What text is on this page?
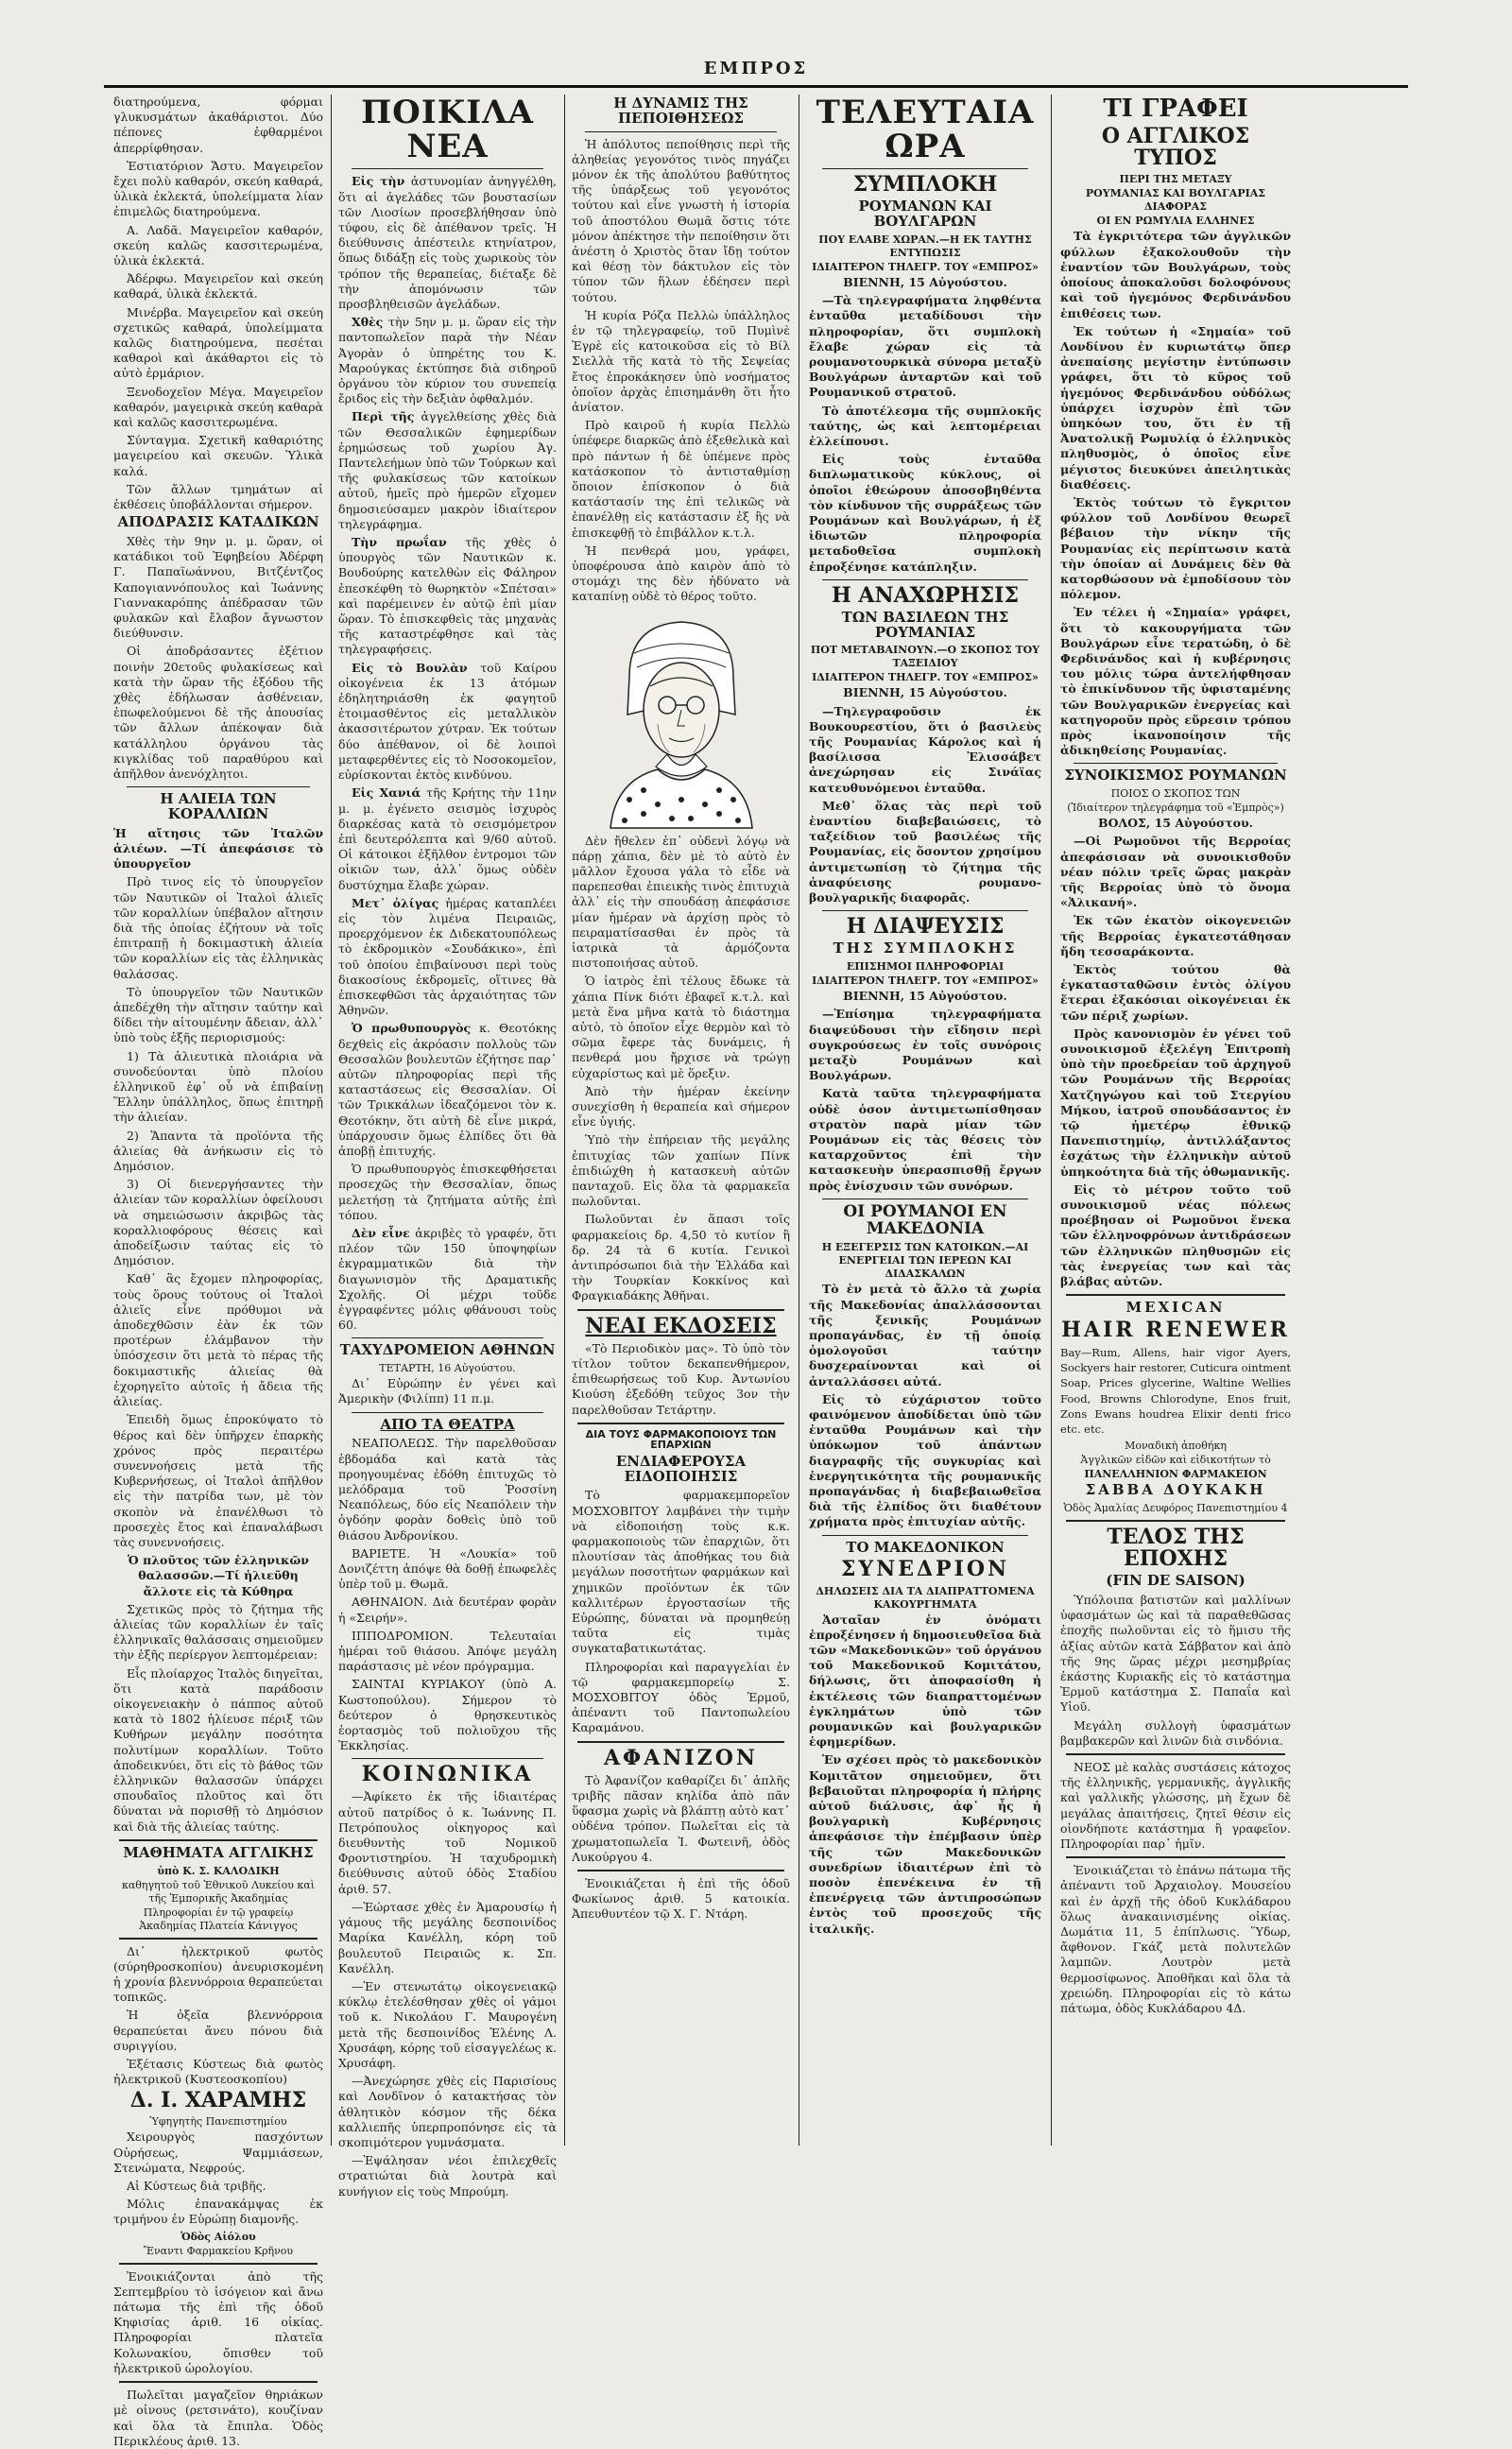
ΕΜΠΡΟΣ

διατηρούμενα, φόρμαι γλυκυσμάτων ἀκαθάριστοι. Δύο πέπονες ἐφθαρμένοι ἀπερρίφθησαν.

Ἑστιατόριον Ἄστυ. Μαγειρεῖον ἔχει πολὺ καθαρόν, σκεύη καθαρά, ὑλικὰ ἐκλεκτά, ὑπολείμματα λίαν ἐπιμελῶς διατηρούμενα.

Α. Λαδᾶ. Μαγειρεῖον καθαρόν, σκεύη καλῶς κασσιτερωμένα, ὑλικὰ ἐκλεκτά.

Ἀδέρφω. Μαγειρεῖον καὶ σκεύη καθαρά, ὑλικὰ ἐκλεκτά.

Μινέρβα. Μαγειρεῖον καὶ σκεύη σχετικῶς καθαρά, ὑπολείμματα καλῶς διατηρούμενα, πεσέται καθαροὶ καὶ ἀκάθαρτοι εἰς τὸ αὐτὸ ἐρμάριον.

Ξενοδοχεῖον Μέγα. Μαγειρεῖον καθαρόν, μαγειρικὰ σκεύη καθαρὰ καὶ καλῶς κασσιτερωμένα.

Σύνταγμα. Σχετικῆ καθαριότης μαγειρείου καὶ σκευῶν. Ὑλικὰ καλά.

Τῶν ἄλλων τμημάτων αἱ ἐκθέσεις ὑποβάλλονται σήμερον.

ΑΠΟΔΡΑΣΙΣ ΚΑΤΑΔΙΚΩΝ

Χθὲς τὴν 9ην μ. μ. ὥραν, οἱ κατάδικοι τοῦ Ἐφηβείου Ἀδέρφη Γ. Παπαϊωάννου, Βιτζέντζος Καπογιαννόπουλος καὶ Ἰωάννης Γιαννακαρόπης ἀπέδρασαν τῶν φυλακῶν καὶ ἔλαβον ἄγνωστον διεύθυνσιν.

Οἱ ἀποδράσαντες ἐξέτιον ποινὴν 20ετοῦς φυλακίσεως καὶ κατὰ τὴν ὥραν τῆς ἐξόδου τῆς χθὲς ἐδήλωσαν ἀσθένειαν, ἐπωφελούμενοι δὲ τῆς ἀπουσίας τῶν ἄλλων ἀπέκοψαν διὰ κατάλληλου ὀργάνου τὰς κιγκλίδας τοῦ παραθύρου καὶ ἀπῆλθον ἀνενόχλητοι.

Η ΑΛΙΕΙΑ ΤΩΝ ΚΟΡΑΛΛΙΩΝ

Ἡ αἴτησις τῶν Ἰταλῶν ἁλιέων. —Τί ἀπεφάσισε τὸ ὑπουργεῖον

Πρὸ τινος εἰς τὸ ὑπουργεῖον τῶν Ναυτικῶν οἱ Ἰταλοὶ ἁλιεῖς τῶν κοραλλίων ὑπέβαλον αἴτησιν διὰ τῆς ὁποίας ἐζήτουν νὰ τοῖς ἐπιτραπῇ ἡ δοκιμαστικὴ ἁλιεία τῶν κοραλλίων εἰς τὰς ἑλληνικὰς θαλάσσας.

Τὸ ὑπουργεῖον τῶν Ναυτικῶν ἀπεδέχθη τὴν αἴτησιν ταύτην καὶ δίδει τὴν αἰτουμένην ἄδειαν, ἀλλ᾽ ὑπὸ τοὺς ἑξῆς περιορισμούς:

1) Τὰ ἁλιευτικὰ πλοιάρια νὰ συνοδεύονται ὑπὸ πλοίου ἑλληνικοῦ ἐφ᾽ οὗ νὰ ἐπιβαίνῃ Ἕλλην ὑπάλληλος, ὅπως ἐπιτηρῇ τὴν ἁλιείαν.

2) Ἅπαντα τὰ προϊόντα τῆς ἁλιείας θὰ ἀνήκωσιν εἰς τὸ Δημόσιον.

3) Οἱ διενεργήσαντες τὴν ἁλιείαν τῶν κοραλλίων ὀφείλουσι νὰ σημειώσωσιν ἀκριβῶς τὰς κοραλλιοφόρους θέσεις καὶ ἀποδείξωσιν ταύτας εἰς τὸ Δημόσιον.

Καθ᾽ ἃς ἔχομεν πληροφορίας, τοὺς ὅρους τούτους οἱ Ἰταλοὶ ἁλιεῖς εἶνε πρόθυμοι νὰ ἀποδεχθῶσιν ἐὰν ἐκ τῶν προτέρων ἐλάμβανον τὴν ὑπόσχεσιν ὅτι μετὰ τὸ πέρας τῆς δοκιμαστικῆς ἁλιείας θὰ ἐχορηγεῖτο αὐτοῖς ἡ ἄδεια τῆς ἁλιείας.

Ἐπειδὴ ὅμως ἐπροκύψατο τὸ θέρος καὶ δὲν ὑπῆρχεν ἐπαρκὴς χρόνος πρὸς περαιτέρω συνεννοήσεις μετὰ τῆς Κυβερνήσεως, οἱ Ἰταλοὶ ἀπῆλθον εἰς τὴν πατρίδα των, μὲ τὸν σκοπὸν νὰ ἐπανέλθωσι τὸ προσεχὲς ἔτος καὶ ἐπαναλάβωσι τὰς συνεννοήσεις.

Ὁ πλοῦτος τῶν ἑλληνικῶν θαλασσῶν.—Τί ἡλιεῦθη ἄλλοτε εἰς τὰ Κύθηρα

Σχετικῶς πρὸς τὸ ζήτημα τῆς ἁλιείας τῶν κοραλλίων ἐν ταῖς ἑλληνικαῖς θαλάσσαις σημειοῦμεν τὴν ἑξῆς περίεργον λεπτομέρειαν:

Εἷς πλοίαρχος Ἰταλὸς διηγεῖται, ὅτι κατὰ παράδοσιν οἰκογενειακὴν ὁ πάππος αὐτοῦ κατὰ τὸ 1802 ἡλίευσε πέριξ τῶν Κυθήρων μεγάλην ποσότητα πολυτίμων κοραλλίων. Τοῦτο ἀποδεικνύει, ὅτι εἰς τὸ βάθος τῶν ἑλληνικῶν θαλασσῶν ὑπάρχει σπουδαῖος πλοῦτος καὶ ὅτι δύναται νὰ πορισθῇ τὸ Δημόσιον καὶ διὰ τῆς ἁλιείας ταύτης.

ΜΑΘΗΜΑΤΑ ΑΓΓΛΙΚΗΣ
ὑπὸ Κ. Σ. ΚΑΛΟΔΙΚΗ
καθηγητοῦ τοῦ Ἐθνικοῦ Λυκείου καὶ τῆς Ἐμπορικῆς Ἀκαδημίας
Πληροφορίαι ἐν τῷ γραφείῳ Ἀκαδημίας Πλατεία Κάνιγγος

Δι᾽ ἠλεκτρικοῦ φωτὸς (σύρηθροσκοπίου) ἀνευρισκομένη ἡ χρονία βλεννόρροια θεραπεύεται τοπικῶς.

Ἡ ὀξεῖα βλεννόρροια θεραπεύεται ἄνευ πόνου διὰ συριγγίου.

Ἐξέτασις Κύστεως διὰ φωτὸς ἠλεκτρικοῦ (Κυστεοσκοπίου)

Δ. Ι. ΧΑΡΑΜΗΣ
Ὑφηγητὴς Πανεπιστημίου

Χειρουργὸς πασχόντων Οὐρήσεως, Ψαμμιάσεων, Στενώματα, Νεφρούς.

Αἱ Κύστεως διὰ τριβῆς.

Μόλις ἐπανακάμψας ἐκ τριμήνου ἐν Εὐρώπῃ διαμονῆς.

Ὁδὸς Αἰόλου
Ἔναντι Φαρμακείου Κρῆνου

Ἐνοικιάζονται ἀπὸ τῆς Σεπτεμβρίου τὸ ἰσόγειον καὶ ἄνω πάτωμα τῆς ἐπὶ τῆς ὁδοῦ Κηφισίας ἀριθ. 16 οἰκίας. Πληροφορίαι πλατεῖα Κολωνακίου, ὄπισθεν τοῦ ἠλεκτρικοῦ ὡρολογίου.

Πωλεῖται μαγαζεῖον θηριάκων μὲ οἰνους (ρετσινάτο), κουζίναν καὶ ὅλα τὰ ἔπιπλα. Ὁδὸς Περικλέους ἀριθ. 13.

ΠΟΙΚΙΛΑ ΝΕΑ

Εἰς τὴν ἀστυνομίαν ἀνηγγέλθη, ὅτι αἱ ἀγελάδες τῶν βουστασίων τῶν Λιοσίων προσεβλήθησαν ὑπὸ τύφου, εἰς δὲ ἀπέθανον τρεῖς. Ἡ διεύθυνσις ἀπέστειλε κτηνίατρον, ὅπως διδάξῃ εἰς τοὺς χωρικοὺς τὸν τρόπον τῆς θεραπείας, διέταξε δὲ τὴν ἀπομόνωσιν τῶν προσβληθεισῶν ἀγελάδων.

Χθὲς τὴν 5ην μ. μ. ὥραν εἰς τὴν παντοπωλεῖον παρὰ τὴν Νέαν Ἀγορὰν ὁ ὑπηρέτης του Κ. Μαρούγκας ἐκτύπησε διὰ σιδηροῦ ὀργάνου τὸν κύριον του συνεπείᾳ ἔριδος εἰς τὴν δεξιὰν ὀφθαλμόν.

Περὶ τῆς ἀγγελθείσης χθὲς διὰ τῶν Θεσσαλικῶν ἐφημερίδων ἐρημώσεως τοῦ χωρίου Ἀγ. Παντελεήμων ὑπὸ τῶν Τούρκων καὶ τῆς φυλακίσεως τῶν κατοίκων αὐτοῦ, ἠμεῖς πρὸ ἡμερῶν εἴχομεν δημοσιεύσαμεν μακρὸν ἰδιαίτερον τηλεγράφημα.

Τὴν πρωΐαν τῆς χθὲς ὁ ὑπουργὸς τῶν Ναυτικῶν κ. Βουδούρης κατελθὼν εἰς Φάληρον ἐπεσκέφθη τὸ θωρηκτὸν «Σπέτσαι» καὶ παρέμεινεν ἐν αὐτῷ ἐπὶ μίαν ὥραν. Τὸ ἐπισκεφθεὶς τὰς μηχανὰς τῆς καταστρέφθησε καὶ τὰς τηλεγραφήσεις.

Εἰς τὸ Βουλὰν τοῦ Καίρου οἰκογένεια ἐκ 13 ἀτόμων ἐδηλητηριάσθη ἐκ φαγητοῦ ἐτοιμασθέντος εἰς μεταλλικὸν ἀκασσιτέρωτον χύτραν. Ἐκ τούτων δύο ἀπέθανον, οἱ δὲ λοιποὶ μεταφερθέντες εἰς τὸ Νοσοκομεῖον, εὑρίσκονται ἐκτὸς κινδύνου.

Εἰς Χανιά τῆς Κρήτης τὴν 11ην μ. μ. ἐγένετο σεισμὸς ἰσχυρὸς διαρκέσας κατὰ τὸ σεισμόμετρον ἐπὶ δευτερόλεπτα καὶ 9/60 αὐτοῦ. Οἱ κάτοικοι ἐξῆλθον ἐντρομοι τῶν οἰκιῶν των, ἀλλ᾽ ὅμως οὐδὲν δυστύχημα ἔλαβε χώραν.

Μετ᾽ ὀλίγας ἡμέρας καταπλέει εἰς τὸν λιμένα Πειραιῶς, προερχόμενον ἐκ Διδεκατουπόλεως τὸ ἐκδρομικὸν «Σουδάκικο», ἐπὶ τοῦ ὁποίου ἐπιβαίνουσι περὶ τοὺς διακοσίους ἐκδρομεῖς, οἵτινες θὰ ἐπισκεφθῶσι τὰς ἀρχαιότητας τῶν Ἀθηνῶν.

Ὁ πρωθυπουργὸς κ. Θεοτόκης δεχθεὶς εἰς ἀκρόασιν πολλοὺς τῶν Θεσσαλῶν βουλευτῶν ἐζήτησε παρ᾽ αὐτῶν πληροφορίας περὶ τῆς καταστάσεως εἰς Θεσσαλίαν. Οἱ τῶν Τρικκάλων ἰδεαζόμενοι τὸν κ. Θεοτόκην, ὅτι αὐτὴ δὲ εἶνε μικρά, ὑπάρχουσιν ὅμως ἐλπίδες ὅτι θὰ ἀποβῇ ἐπιτυχής.

Ὁ πρωθυπουργὸς ἐπισκεφθήσεται προσεχῶς τὴν Θεσσαλίαν, ὅπως μελετήσῃ τὰ ζητήματα αὐτῆς ἐπὶ τόπου.

Δὲν εἶνε ἀκριβὲς τὸ γραφέν, ὅτι πλέον τῶν 150 ὑποψηφίων ἐκγραμματικῶν διὰ τὴν διαγωνισμὸν τῆς Δραματικῆς Σχολῆς. Οἱ μέχρι τοῦδε ἐγγραφέντες μόλις φθάνουσι τοὺς 60.

ΤΑΧΥΔΡΟΜΕΙΟΝ ΑΘΗΝΩΝ
ΤΕΤΑΡΤΗ, 16 Αὐγούστου.

Δι᾽ Εὐρώπην ἐν γένει καὶ Ἀμερικὴν (Φιλίππ) 11 π.μ.

ΑΠΟ ΤΑ ΘΕΑΤΡΑ

ΝΕΑΠΟΛΕΩΣ. Τὴν παρελθοῦσαν ἑβδομάδα καὶ κατὰ τὰς προηγουμένας ἐδόθη ἐπιτυχῶς τὸ μελόδραμα τοῦ Ῥοσσίνη Νεαπόλεως, δύο εἰς Νεαπόλειν τὴν ὀγδόην φορὰν δοθεὶς ὑπὸ τοῦ θιάσου Ἀνδρονίκου.

ΒΑΡΙΕΤΕ. Ἡ «Λουκία» τοῦ Δονιζέττη ἀπόψε θὰ δοθῇ ἐπωφελὲς ὑπὲρ τοῦ μ. Θωμᾶ.

ΑΘΗΝΑΙΟΝ. Διὰ δευτέραν φορὰν ἡ «Σειρήν».

ΙΠΠΟΔΡΟΜΙΟΝ. Τελευταίαι ἡμέραι τοῦ θιάσου. Ἀπόψε μεγάλη παράστασις μὲ νέον πρόγραμμα.

ΣΑΙΝΤΑΙ ΚΥΡΙΑΚΟΥ (ὑπὸ Α. Κωστοπούλου). Σήμερον τὸ δεύτερον ὁ θρησκευτικὸς ἑορτασμὸς τοῦ πολιοῦχου τῆς Ἐκκλησίας.

ΚΟΙΝΩΝΙΚΑ

—Ἀφίκετο ἐκ τῆς ἰδιαιτέρας αὐτοῦ πατρίδος ὁ κ. Ἰωάννης Π. Πετρόπουλος οἰκηγορος καὶ διευθυντὴς τοῦ Νομικοῦ Φροντιστηρίου. Ἡ ταχυδρομικὴ διεύθυνσις αὐτοῦ ὁδὸς Σταδίου ἀριθ. 57.

—Ἑώρτασε χθὲς ἐν Ἀμαρουσίῳ ἡ γάμους τῆς μεγάλης δεσποινίδος Μαρίκα Κανέλλη, κόρη τοῦ βουλευτοῦ Πειραιῶς κ. Σπ. Κανέλλη.

—Ἐν στενωτάτῳ οἰκογενειακῷ κύκλῳ ἐτελέσθησαν χθὲς οἱ γάμοι τοῦ κ. Νικολάου Γ. Μαυρογένη μετὰ τῆς δεσποινίδος Ἑλένης Λ. Χρυσάφη, κόρης τοῦ εἰσαγγελέως κ. Χρυσάφη.

—Ἀνεχώρησε χθὲς εἰς Παρισίους καὶ Λονδῖνον ὁ κατακτήσας τὸν ἀθλητικὸν κόσμον τῆς δέκα καλλιεπῆς ὑπερπροπόνησε εἰς τὰ σκοπιμότερον γυμνάσματα.

—Ἐψάλησαν νέοι ἐπιλεχθεῖς στρατιώται διὰ λουτρὰ καὶ κυνήγιον εἰς τοὺς Μπρούμη.

Η ΔΥΝΑΜΙΣ ΤΗΣ ΠΕΠΟΙΘΗΣΕΩΣ

Ἡ ἀπόλυτος πεποίθησις περὶ τῆς ἀληθείας γεγονότος τινὸς πηγάζει μόνον ἐκ τῆς ἀπολύτου βαθύτητος τῆς ὑπάρξεως τοῦ γεγονότος τούτου καὶ εἶνε γνωστὴ ἡ ἱστορία τοῦ ἀποστόλου Θωμᾶ ὅστις τότε μόνον ἀπέκτησε τὴν πεποίθησιν ὅτι ἀνέστη ὁ Χριστὸς ὅταν ἴδῃ τούτον καὶ θέσῃ τὸν δάκτυλον εἰς τὸν τύπον τῶν ἥλων ἐδέησεν περὶ τούτου.

Ἡ κυρία Ρόζα Πελλὼ ὑπάλληλος ἐν τῷ τηλεγραφείῳ, τοῦ Πυμὶνὲ Ἐγρὲ εἰς κατοικοῦσα εἰς τὸ Βίλ Σιελλὰ τῆς κατὰ τὸ τῆς Σεψείας ἔτος ἐπροκάκησεν ὑπὸ νοσήματος ὁποῖον ἀρχὰς ἐπισημάνθη ὅτι ἦτο ἀνίατον.

Πρὸ καιροῦ ἡ κυρία Πελλὼ ὑπέφερε διαρκῶς ἀπὸ ἐξεθελικὰ καὶ πρὸ πάντων ἡ δὲ ὑπέμενε πρὸς κατάσκοπον τὸ ἀντισταθμίσῃ ὅποιον ἐπίσκοπον ὁ διὰ κατάστασίν της ἐπὶ τελικῶς νὰ ἐπανέλθῃ εἰς κατάστασιν ἐξ ἣς νὰ ἐπισκεφθῇ τὸ ἐπιβάλλον κ.τ.λ.

Ἡ πενθερά μου, γράφει, ὑποφέρουσα ἀπὸ καιρὸν ἀπὸ τὸ στομάχι της δὲν ἠδύνατο νὰ καταπίνῃ οὐδὲ τὸ θέρος τοῦτο.

Δὲν ἤθελεν ἐπ᾽ οὐδενὶ λόγῳ νὰ πάρῃ χάπια, δὲν μὲ τὸ αὐτὸ ἐν μᾶλλον ἔχουσα γάλα τὸ εἶδε νὰ παρεπεσθαι ἐπιεικὴς τινὸς ἐπιτυχιὰ ἀλλ᾽ εἰς τὴν σπουδάσῃ ἀπεφάσισε μίαν ἡμέραν νὰ ἀρχίσῃ πρὸς τὸ πειραματίσασθαι ἐν πρὸς τὰ ἰατρικὰ τὰ ἀρμόζοντα πιστοποιήσας αὐτοῦ.

Ὁ ἰατρὸς ἐπὶ τέλους ἔδωκε τὰ χάπια Πίνκ διότι ἐβαφεῖ κ.τ.λ. καὶ μετὰ ἕνα μῆνα κατὰ τὸ διάστημα αὐτὸ, τὸ ὁποῖον εἶχε θερμὸν καὶ τὸ σῶμα ἔφερε τὰς δυνάμεις, ἡ πενθερά μου ἤρχισε νὰ τρώγῃ εὐχαρίστως καὶ μὲ ὅρεξιν.

Ἀπὸ τὴν ἡμέραν ἐκείνην συνεχίσθη ἡ θεραπεία καὶ σήμερον εἶνε ὑγιής.

Ὑπὸ τὴν ἐπήρειαν τῆς μεγάλης ἐπιτυχίας τῶν χαπίων Πίνκ ἐπιδιώχθη ἡ κατασκευὴ αὐτῶν πανταχοῦ. Εἰς ὅλα τὰ φαρμακεῖα πωλοῦνται.

Πωλοῦνται ἐν ἅπασι τοῖς φαρμακείοις δρ. 4,50 τὸ κυτίον ἢ δρ. 24 τὰ 6 κυτία. Γενικοὶ ἀντιπρόσωποι διὰ τὴν Ἑλλάδα καὶ τὴν Τουρκίαν Κοκκίνος καὶ Φραγκιαδάκης Ἀθῆναι.

ΝΕΑΙ ΕΚΔΟΣΕΙΣ

«Τὸ Περιοδικὸν μας». Τὸ ὑπὸ τὸν τίτλον τοῦτον δεκαπενθήμερον, ἐπιθεωρήσεως τοῦ Κυρ. Ἀντωνίου Κιούση ἐξεδόθη τεῦχος 3ον τὴν παρελθοῦσαν Τετάρτην.

ΔΙΑ ΤΟΥΣ ΦΑΡΜΑΚΟΠΟΙΟΥΣ ΤΩΝ ΕΠΑΡΧΙΩΝ
ΕΝΔΙΑΦΕΡΟΥΣΑ ΕΙΔΟΠΟΙΗΣΙΣ

Τὸ φαρμακεμπορεῖον ΜΟΣΧΟΒΙΤΟΥ λαμβάνει τὴν τιμὴν νὰ εἰδοποιήσῃ τοὺς κ.κ. φαρμακοποιοὺς τῶν ἐπαρχιῶν, ὅτι πλουτίσαν τὰς ἀποθήκας του διὰ μεγάλων ποσοτήτων φαρμάκων καὶ χημικῶν προϊόντων ἐκ τῶν καλλιτέρων ἐργοστασίων τῆς Εὐρώπης, δύναται νὰ προμηθεύῃ ταῦτα εἰς τιμὰς συγκαταβατικωτάτας.

Πληροφορίαι καὶ παραγγελίαι ἐν τῷ φαρμακεμπορείῳ Σ. ΜΟΣΧΟΒΙΤΟΥ ὁδὸς Ἑρμοῦ, ἀπέναντι τοῦ Παντοπωλείου Καραμάνου.

ΑΦΑΝΙΖΟΝ

Τὸ Ἀφανίζον καθαρίζει δι᾽ ἁπλῆς τριβῆς πᾶσαν κηλίδα ἀπὸ πᾶν ὕφασμα χωρὶς νὰ βλάπτῃ αὐτὸ κατ᾽ οὐδένα τρόπον. Πωλεῖται εἰς τὰ χρωματοπωλεῖα Ἰ. Φωτεινῆ, ὁδὸς Λυκούργου 4.

Ἐνοικιάζεται ἡ ἐπὶ τῆς ὁδοῦ Φωκίωνος ἀριθ. 5 κατοικία. Ἀπευθυντέον τῷ Χ. Γ. Ντάρη.

ΤΕΛΕΥΤΑΙΑ ΩΡΑ
ΣΥΜΠΛΟΚΗ
ΡΟΥΜΑΝΩΝ ΚΑΙ ΒΟΥΛΓΑΡΩΝ
ΠΟΥ ΕΛΑΒΕ ΧΩΡΑΝ.—Η ΕΚ ΤΑΥΤΗΣ ΕΝΤΥΠΩΣΙΣ
ΙΔΙΑΙΤΕΡΟΝ ΤΗΛΕΓΡ. ΤΟΥ «ΕΜΠΡΟΣ»

ΒΙΕΝΝΗ, 15 Αὐγούστου.

—Τὰ τηλεγραφήματα ληφθέντα ἐνταῦθα μεταδίδουσι τὴν πληροφορίαν, ὅτι συμπλοκὴ ἔλαβε χώραν εἰς τὰ ρουμανοτουρκικὰ σύνορα μεταξὺ Βουλγάρων ἀνταρτῶν καὶ τοῦ Ρουμανικοῦ στρατοῦ.

Τὸ ἀποτέλεσμα τῆς συμπλοκῆς ταύτης, ὡς καὶ λεπτομέρειαι ἐλλείπουσι.

Εἰς τοὺς ἐνταῦθα διπλωματικοὺς κύκλους, οἱ ὁποῖοι ἐθεώρουν ἀποσοβηθέντα τὸν κίνδυνον τῆς συρράξεως τῶν Ρουμάνων καὶ Βουλγάρων, ἡ ἐξ ἰδιωτῶν πληροφορία μεταδοθεῖσα συμπλοκὴ ἐπροξένησε κατάπληξιν.

Η ΑΝΑΧΩΡΗΣΙΣ
ΤΩΝ ΒΑΣΙΛΕΩΝ ΤΗΣ ΡΟΥΜΑΝΙΑΣ
ΠΟΤ ΜΕΤΑΒΑΙΝΟΥΝ.—Ο ΣΚΟΠΟΣ ΤΟΥ ΤΑΞΕΙΔΙΟΥ
ΙΔΙΑΙΤΕΡΟΝ ΤΗΛΕΓΡ. ΤΟΥ «ΕΜΠΡΟΣ»

ΒΙΕΝΝΗ, 15 Αὐγούστου.

—Τηλεγραφοῦσιν ἐκ Βουκουρεστίου, ὅτι ὁ βασιλεὺς τῆς Ρουμανίας Κάρολος καὶ ἡ βασίλισσα Ἐλισσάβετ ἀνεχώρησαν εἰς Σινάϊας κατευθυνόμενοι ἐνταῦθα.

Μεθ᾽ ὅλας τὰς περὶ τοῦ ἐναντίου διαβεβαιώσεις, τὸ ταξείδιον τοῦ βασιλέως τῆς Ρουμανίας, εἰς ὅσοντον χρησίμου ἀντιμετωπίσῃ τὸ ζήτημα τῆς ἀναφύεισης ρουμανο-βουλγαρικῆς διαφορᾶς.

Η ΔΙΑΨΕΥΣΙΣ
ΤΗΣ ΣΥΜΠΛΟΚΗΣ
ΕΠΙΣΗΜΟΙ ΠΛΗΡΟΦΟΡΙΑΙ
ΙΔΙΑΙΤΕΡΟΝ ΤΗΛΕΓΡ. ΤΟΥ «ΕΜΠΡΟΣ»

ΒΙΕΝΝΗ, 15 Αὐγούστου.

—Ἐπίσημα τηλεγραφήματα διαψεύδουσι τὴν εἴδησιν περὶ συγκρούσεως ἐν τοῖς συνόροις μεταξὺ Ρουμάνων καὶ Βουλγάρων.

Κατὰ ταῦτα τηλεγραφήματα οὐδὲ ὁσον ἀντιμετωπίσθησαν στρατὸν παρὰ μίαν τῶν Ρουμάνων εἰς τὰς θέσεις τὸν καταρχοῦντος ἐπὶ τὴν κατασκευὴν ὑπερασπισθῇ ἔργων πρὸς ἐνίσχυσιν τῶν συνόρων.

ΟΙ ΡΟΥΜΑΝΟΙ ΕΝ ΜΑΚΕΔΟΝΙΑ
Η ΕΞΕΓΕΡΣΙΣ ΤΩΝ ΚΑΤΟΙΚΩΝ.—ΑΙ ΕΝΕΡΓΕΙΑΙ ΤΩΝ ΙΕΡΕΩΝ ΚΑΙ ΔΙΔΑΣΚΑΛΩΝ

Τὸ ἐν μετὰ τὸ ἄλλο τὰ χωρία τῆς Μακεδονίας ἀπαλλάσσονται τῆς ξενικῆς Ρουμάνων προπαγάνδας, ἐν τῇ ὁποίᾳ ὁμολογοῦσι ταύτην δυσχεραίνονται καὶ οἱ ἀνταλλάσσει αὐτά.

Εἰς τὸ εὐχάριστον τοῦτο φαινόμενον ἀποδίδεται ὑπὸ τῶν ἐνταῦθα Ρουμάνων καὶ τὴν ὑπόκωμον τοῦ ἀπάντων διαγραφῆς τῆς συγκυρίας καὶ ἐνεργητικότητα τῆς ρουμανικῆς προπαγάνδας ἡ διαβεβαιωθεῖσα διὰ τῆς ἐλπίδος ὅτι διαθέτουν χρήματα πρὸς ἐπιτυχίαν αὐτῆς.

ΤΟ ΜΑΚΕΔΟΝΙΚΟΝ
ΣΥΝΕΔΡΙΟΝ
ΔΗΛΩΣΕΙΣ ΔΙΑ ΤΑ ΔΙΑΠΡΑΤΤΟΜΕΝΑ ΚΑΚΟΥΡΓΗΜΑΤΑ

Ἀσταῖαν ἐν ὀνόματι ἐπροξένησεν ἡ δημοσιευθεῖσα διὰ τῶν «Μακεδονικῶν» τοῦ ὀργάνου τοῦ Μακεδονικοῦ Κομιτάτου, δήλωσις, ὅτι ἀποφασίσθη ἡ ἐκτέλεσις τῶν διαπραττομένων ἐγκλημάτων ὑπὸ τῶν ρουμανικῶν καὶ βουλγαρικῶν ἐφημερίδων.

Ἐν σχέσει πρὸς τὸ μακεδονικὸν Κομιτᾶτον σημειοῦμεν, ὅτι βεβαιοῦται πληροφορία ἡ πλήρης αὐτοῦ διάλυσις, ἀφ᾽ ἧς ἡ βουλγαρικὴ Κυβέρνησις ἀπεφάσισε τὴν ἐπέμβασιν ὑπὲρ τῆς τῶν Μακεδονικῶν συνεδρίων ἰδιαιτέρων ἐπὶ τὸ ποσὸν ἐπενέκεινα ἐν τῇ ἐπενέργειᾳ τῶν ἀντιπροσώπων ἐντὸς τοῦ προσεχοῦς τῆς ἰταλικῆς.

ΤΙ ΓΡΑΦΕΙ
Ο ΑΓΓΛΙΚΟΣ ΤΥΠΟΣ
ΠΕΡΙ ΤΗΣ ΜΕΤΑΞΥ
ΡΟΥΜΑΝΙΑΣ ΚΑΙ ΒΟΥΛΓΑΡΙΑΣ ΔΙΑΦΟΡΑΣ
ΟΙ ΕΝ ΡΩΜΥΛΙΑ ΕΛΛΗΝΕΣ

Τὰ ἐγκριτότερα τῶν ἀγγλικῶν φύλλων ἐξακολουθοῦν τὴν ἐναντίον τῶν Βουλγάρων, τοὺς ὁποίους ἀποκαλοῦσι δολοφόνους καὶ τοῦ ἡγεμόνος Φερδινάνδου ἐπιθέσεις των.

Ἐκ τούτων ἡ «Σημαία» τοῦ Λονδίνου ἐν κυριωτάτῳ ὅπερ ἀνεπαίσης μεγίστην ἐντύπωσιν γράφει, ὅτι τὸ κῦρος τοῦ ἡγεμόνος Φερδινάνδου οὐδόλως ὑπάρχει ἰσχυρὸν ἐπὶ τῶν ὑπηκόων του, ὅτι ἐν τῇ Ἀνατολικῇ Ρωμυλίᾳ ὁ ἑλληνικὸς πληθυσμὸς, ὁ ὁποῖος εἶνε μέγιστος διευκύνει ἀπειλητικὰς διαθέσεις.

Ἐκτὸς τούτων τὸ ἔγκριτον φύλλον τοῦ Λονδίνου θεωρεῖ βέβαιον τὴν νίκην τῆς Ρουμανίας εἰς περίπτωσιν κατὰ τὴν ὁποίαν αἱ Δυνάμεις δὲν θὰ κατορθώσουν νὰ ἐμποδίσουν τὸν πόλεμον.

Ἐν τέλει ἡ «Σημαία» γράφει, ὅτι τὸ κακουργήματα τῶν Βουλγάρων εἶνε τερατώδη, ὁ δὲ Φερδινάνδος καὶ ἡ κυβέρνησις του μόλις τώρα ἀντελήφθησαν τὸ ἐπικίνδυνον τῆς ὑφισταμένης τῶν Βουλγαρικῶν ἐνεργείας καὶ κατηγοροῦν πρὸς εὕρεσιν τρόπου πρὸς ἱκανοποίησιν τῆς ἀδικηθείσης Ρουμανίας.

ΣΥΝΟΙΚΙΣΜΟΣ ΡΟΥΜΑΝΩΝ
ΠΟΙΟΣ Ο ΣΚΟΠΟΣ ΤΩΝ
(Ἰδιαίτερον τηλεγράφημα τοῦ «Ἐμπρὸς»)

ΒΟΛΟΣ, 15 Αὐγούστου.

—Οἱ Ρωμοῦνοι τῆς Βερροίας ἀπεφάσισαν νὰ συνοικισθοῦν νέαν πόλιν τρεῖς ὥρας μακρὰν τῆς Βερροίας ὑπὸ τὸ ὄνομα «Ἀλικανή».

Ἐκ τῶν ἑκατὸν οἰκογενειῶν τῆς Βερροίας ἐγκατεστάθησαν ἤδη τεσσαράκοντα.

Ἐκτὸς τούτου θὰ ἐγκατασταθῶσιν ἐντὸς ὀλίγου ἕτεραι ἑξακόσιαι οἰκογένειαι ἐκ τῶν πέριξ χωρίων.

Πρὸς κανονισμὸν ἐν γένει τοῦ συνοικισμοῦ ἐξελέγη Ἐπιτροπὴ ὑπὸ τὴν προεδρείαν τοῦ ἀρχηγοῦ τῶν Ρουμάνων τῆς Βερροίας Χατζηγώγου καὶ τοῦ Στεργίου Μήκου, ἰατροῦ σπουδάσαντος ἐν τῷ ἡμετέρῳ ἐθνικῷ Πανεπιστημίῳ, ἀντιλλάξαντος ἐσχάτως τὴν ἑλληνικὴν αὐτοῦ ὑπηκοότητα διὰ τῆς ὀθωμανικῆς.

Εἰς τὸ μέτρον τοῦτο τοῦ συνοικισμοῦ νέας πόλεως προέβησαν οἱ Ρωμοῦνοι ἕνεκα τῶν ἑλληνοφρόνων ἀντιδράσεων τῶν ἑλληνικῶν πληθυσμῶν εἰς τὰς ἐνεργείας των καὶ τὰς βλάβας αὐτῶν.

MEXICAN
HAIR RENEWER

Bay—Rum, Allens, hair vigor Ayers, Sockyers hair restorer, Cuticura ointment Soap, Prices glycerine, Waltine Wellies Food, Browns Chlorodyne, Enos fruit, Zons Ewans houdrea Elixir denti frico etc. etc.

Μοναδικὴ ἀποθήκη
Ἀγγλικῶν εἰδῶν καὶ εἰδικοτήτων τὸ
ΠΑΝΕΛΛΗΝΙΟΝ ΦΑΡΜΑΚΕΙΟΝ
ΣΑΒΒΑ ΔΟΥΚΑΚΗ
Ὁδὸς Ἀμαλίας Δευφόρος Πανεπιστημίου 4
ΤΕΛΟΣ ΤΗΣ ΕΠΟΧΗΣ
(FIN DE SAISON)

Ὑπόλοιπα βατιστῶν καὶ μαλλίνων ὑφασμάτων ὡς καὶ τὰ παραθεθῶσας ἐποχῆς πωλοῦνται εἰς τὸ ἥμισυ τῆς ἀξίας αὐτῶν κατὰ Σάββατον καὶ ἀπὸ τῆς 9ης ὥρας μέχρι μεσημβρίας ἑκάστης Κυριακῆς εἰς τὸ κατάστημα Ἐρμοῦ κατάστημα Σ. Παπαΐα καὶ Υἱοῦ.

Μεγάλη συλλογὴ ὑφασμάτων βαμβακερῶν καὶ λινῶν διὰ σινδόνια.

ΝΕΟΣ μὲ καλὰς συστάσεις κάτοχος τῆς ἑλληνικῆς, γερμανικῆς, ἀγγλικῆς καὶ γαλλικῆς γλώσσης, μὴ ἔχων δὲ μεγάλας ἀπαιτήσεις, ζητεῖ θέσιν εἰς οἱονδήποτε κατάστημα ἢ γραφεῖον. Πληροφορίαι παρ᾽ ἡμῖν.

Ἐνοικιάζεται τὸ ἐπάνω πάτωμα τῆς ἀπέναντι τοῦ Ἀρχαιολογ. Μουσείου καὶ ἐν ἀρχῇ τῆς ὁδοῦ Κυκλάδαρου ὅλως ἀνακαινισμένης οἰκίας. Δωμάτια 11, 5 ἐπίπλωσις. Ὕδωρ, ἄφθονον. Γκάζ μετὰ πολυτελῶν λαμπῶν. Λουτρὸν μετὰ θερμοσίφωνος. Ἀποθῆκαι καὶ ὅλα τὰ χρειώδη. Πληροφορίαι εἰς τὸ κάτω πάτωμα, ὁδὸς Κυκλάδαρου 4Δ.
